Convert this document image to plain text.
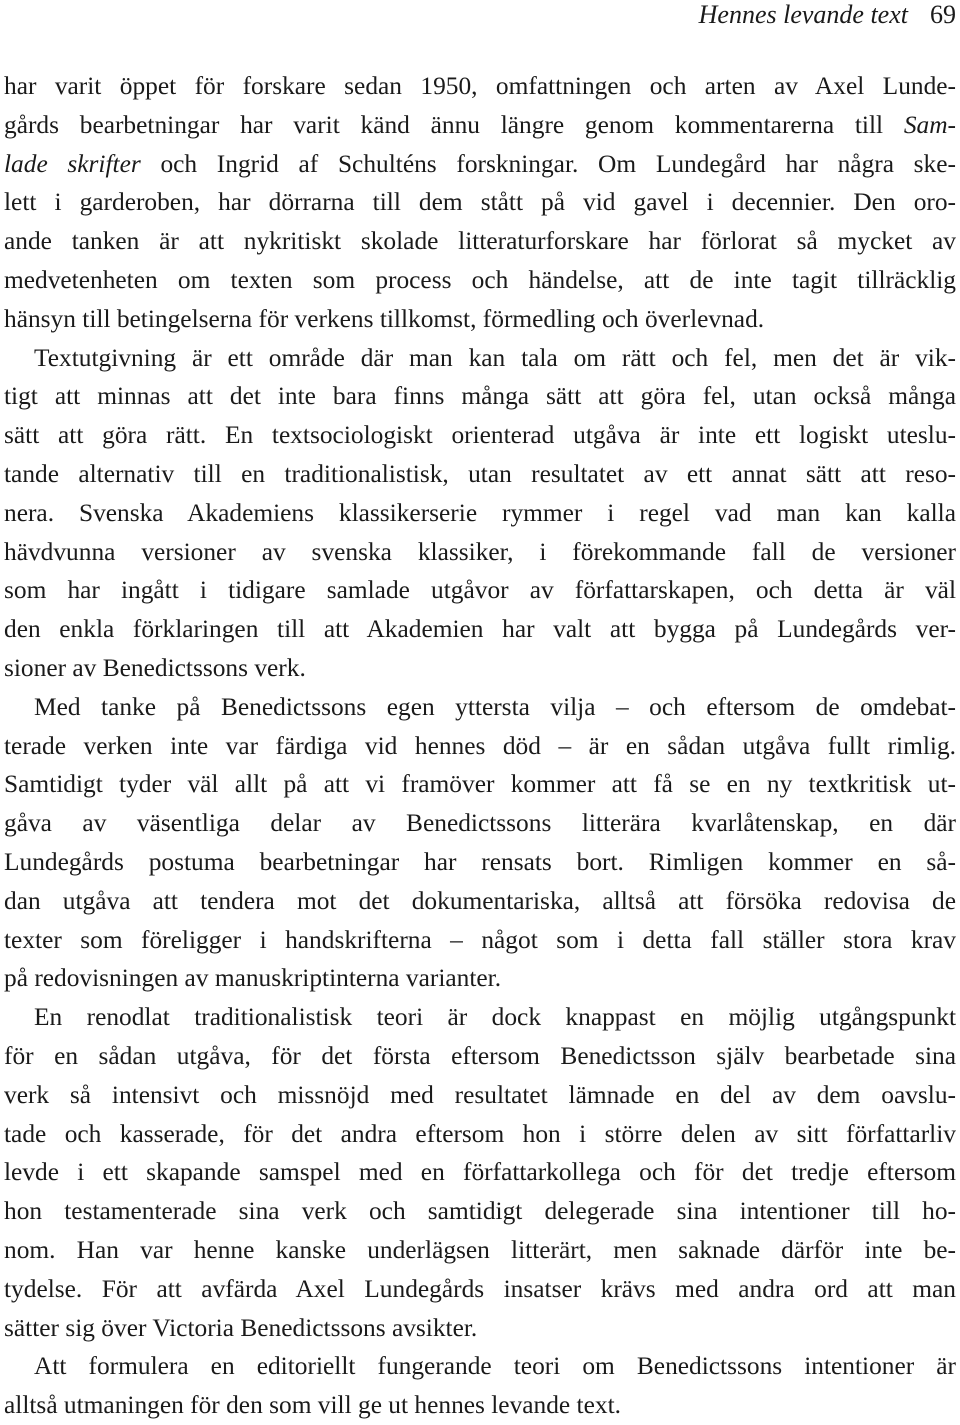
Hennes levande text 69
har varit öppet för forskare sedan 1950, omfattningen och arten av Axel Lunde-
gårds bearbetningar har varit känd ännu längre genom kommentarerna till Sam-
lade skrifter och Ingrid af Schulténs forskningar. Om Lundegård har några ske-
lett i garderoben, har dörrarna till dem stått på vid gavel i decennier. Den oro-
ande tanken är att nykritiskt skolade litteraturforskare har förlorat så mycket av
medvetenheten om texten som process och händelse, att de inte tagit tillräcklig
hänsyn till betingelserna för verkens tillkomst, förmedling och överlevnad.
Textutgivning är ett område där man kan tala om rätt och fel, men det är vik-
tigt att minnas att det inte bara finns många sätt att göra fel, utan också många
sätt att göra rätt. En textsociologiskt orienterad utgåva är inte ett logiskt uteslu-
tande alternativ till en traditionalistisk, utan resultatet av ett annat sätt att reso-
nera. Svenska Akademiens klassikerserie rymmer i regel vad man kan kalla
hävdvunna versioner av svenska klassiker, i förekommande fall de versioner
som har ingått i tidigare samlade utgåvor av författarskapen, och detta är väl
den enkla förklaringen till att Akademien har valt att bygga på Lundegårds ver-
sioner av Benedictssons verk.
Med tanke på Benedictssons egen yttersta vilja – och eftersom de omdebat-
terade verken inte var färdiga vid hennes död – är en sådan utgåva fullt rimlig.
Samtidigt tyder väl allt på att vi framöver kommer att få se en ny textkritisk ut-
gåva av väsentliga delar av Benedictssons litterära kvarlåtenskap, en där
Lundegårds postuma bearbetningar har rensats bort. Rimligen kommer en så-
dan utgåva att tendera mot det dokumentariska, alltså att försöka redovisa de
texter som föreligger i handskrifterna – något som i detta fall ställer stora krav
på redovisningen av manuskriptinterna varianter.
En renodlat traditionalistisk teori är dock knappast en möjlig utgångspunkt
för en sådan utgåva, för det första eftersom Benedictsson själv bearbetade sina
verk så intensivt och missnöjd med resultatet lämnade en del av dem oavslu-
tade och kasserade, för det andra eftersom hon i större delen av sitt författarliv
levde i ett skapande samspel med en författarkollega och för det tredje eftersom
hon testamenterade sina verk och samtidigt delegerade sina intentioner till ho-
nom. Han var henne kanske underlägsen litterärt, men saknade därför inte be-
tydelse. För att avfärda Axel Lundegårds insatser krävs med andra ord att man
sätter sig över Victoria Benedictssons avsikter.
Att formulera en editoriellt fungerande teori om Benedictssons intentioner är
alltså utmaningen för den som vill ge ut hennes levande text.
